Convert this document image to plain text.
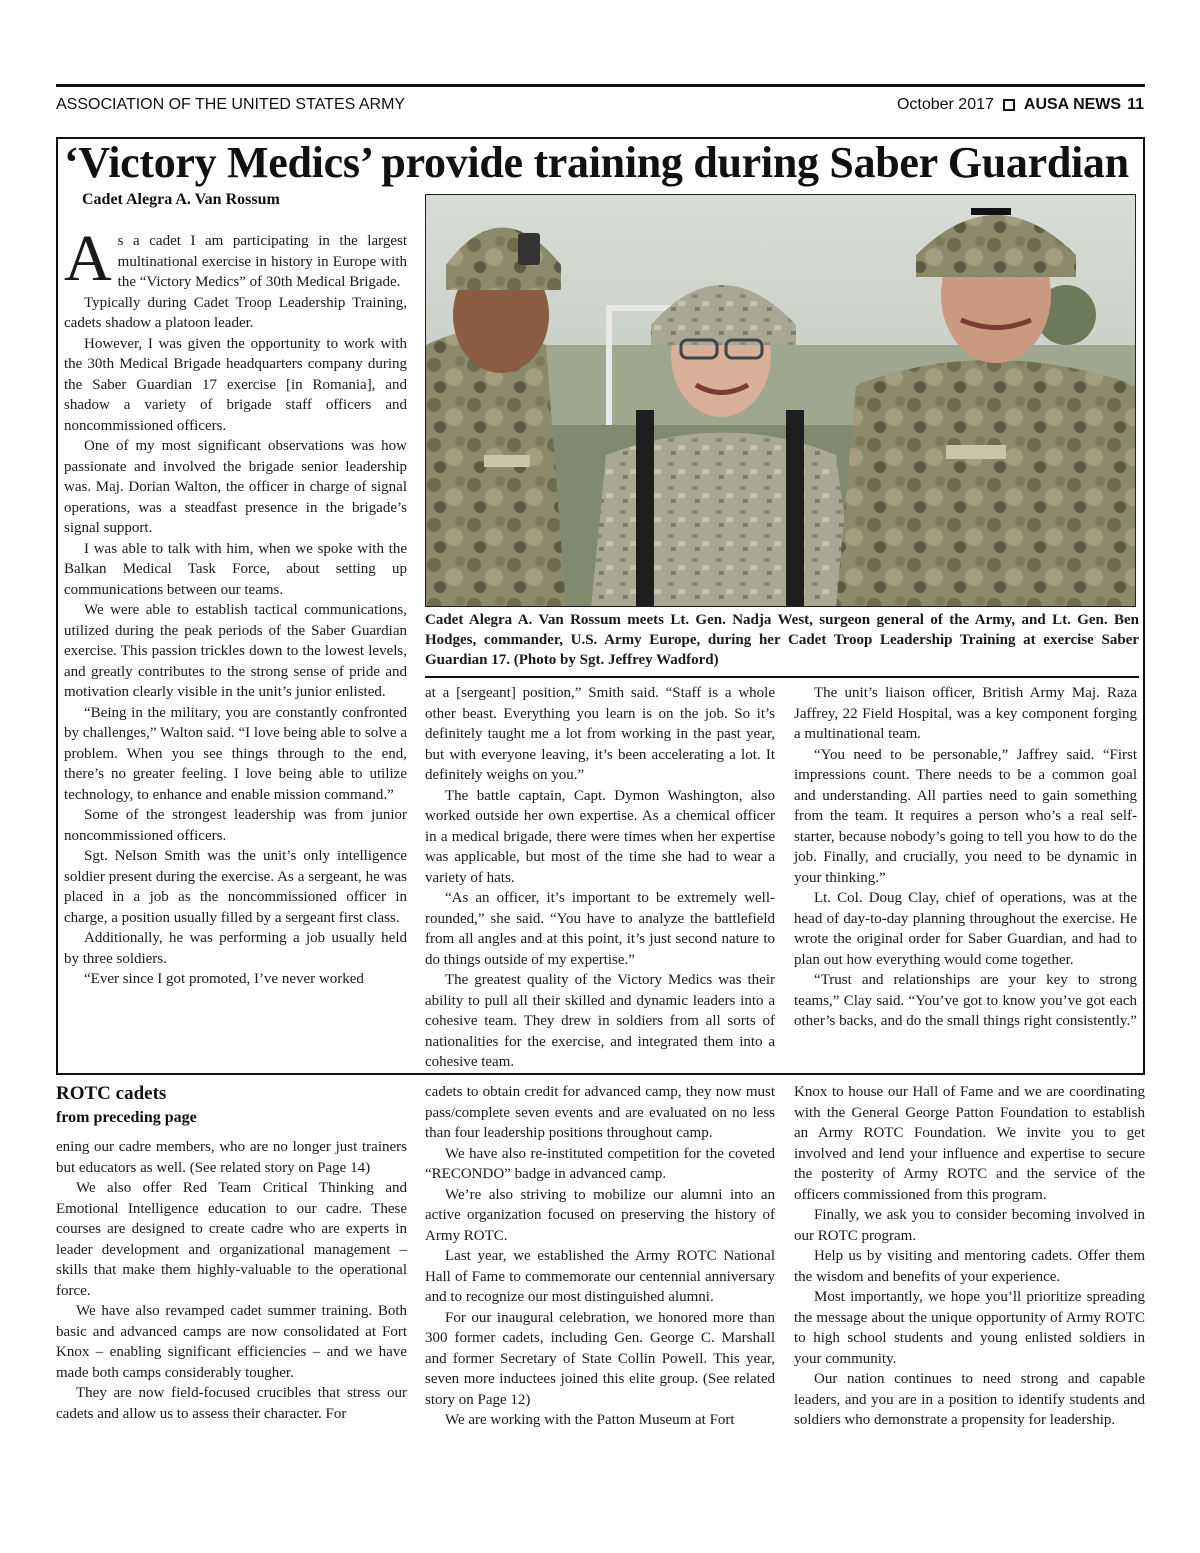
ASSOCIATION OF THE UNITED STATES ARMY	October 2017 AUSA NEWS 11
‘Victory Medics’ provide training during Saber Guardian
Cadet Alegra A. Van Rossum
Cadet Alegra A. Van Rossum meets Lt. Gen. Nadja West, surgeon general of the Army, and Lt. Gen. Ben Hodges, commander, U.S. Army Europe, during her Cadet Troop Leadership Training at exercise Saber Guardian 17. (Photo by Sgt. Jeffrey Wadford)

As a cadet I am participating in the largest multinational exercise in history in Europe with the “Victory Medics” of 30th Medical Brigade.

Typically during Cadet Troop Leadership Training, cadets shadow a platoon leader.

However, I was given the opportunity to work with the 30th Medical Brigade headquarters company during the Saber Guardian 17 exercise [in Romania], and shadow a variety of brigade staff officers and noncommissioned officers.

One of my most significant observations was how passionate and involved the brigade senior leadership was. Maj. Dorian Walton, the officer in charge of signal operations, was a steadfast presence in the brigade’s signal support.

I was able to talk with him, when we spoke with the Balkan Medical Task Force, about setting up communications between our teams.

We were able to establish tactical communications, utilized during the peak periods of the Saber Guardian exercise. This passion trickles down to the lowest levels, and greatly contributes to the strong sense of pride and motivation clearly visible in the unit’s junior enlisted.

“Being in the military, you are constantly confronted by challenges,” Walton said. “I love being able to solve a problem. When you see things through to the end, there’s no greater feeling. I love being able to utilize technology, to enhance and enable mission command.”

Some of the strongest leadership was from junior noncommissioned officers.

Sgt. Nelson Smith was the unit’s only intelligence soldier present during the exercise. As a sergeant, he was placed in a job as the noncommissioned officer in charge, a position usually filled by a sergeant first class.

Additionally, he was performing a job usually held by three soldiers.

“Ever since I got promoted, I’ve never worked

at a [sergeant] position,” Smith said. “Staff is a whole other beast. Everything you learn is on the job. So it’s definitely taught me a lot from working in the past year, but with everyone leaving, it’s been accelerating a lot. It definitely weighs on you.”

The battle captain, Capt. Dymon Washington, also worked outside her own expertise. As a chemical officer in a medical brigade, there were times when her expertise was applicable, but most of the time she had to wear a variety of hats.

“As an officer, it’s important to be extremely well-rounded,” she said. “You have to analyze the battlefield from all angles and at this point, it’s just second nature to do things outside of my expertise.”

The greatest quality of the Victory Medics was their ability to pull all their skilled and dynamic leaders into a cohesive team. They drew in soldiers from all sorts of nationalities for the exercise, and integrated them into a cohesive team.

The unit’s liaison officer, British Army Maj. Raza Jaffrey, 22 Field Hospital, was a key component forging a multinational team.

“You need to be personable,” Jaffrey said. “First impressions count. There needs to be a common goal and understanding. All parties need to gain something from the team. It requires a person who’s a real self-starter, because nobody’s going to tell you how to do the job. Finally, and crucially, you need to be dynamic in your thinking.”

Lt. Col. Doug Clay, chief of operations, was at the head of day-to-day planning throughout the exercise. He wrote the original order for Saber Guardian, and had to plan out how everything would come together.

“Trust and relationships are your key to strong teams,” Clay said. “You’ve got to know you’ve got each other’s backs, and do the small things right consistently.”

ROTC cadets
from preceding page

ening our cadre members, who are no longer just trainers but educators as well. (See related story on Page 14)

We also offer Red Team Critical Thinking and Emotional Intelligence education to our cadre. These courses are designed to create cadre who are experts in leader development and organizational management – skills that make them highly-valuable to the operational force.

We have also revamped cadet summer training. Both basic and advanced camps are now consolidated at Fort Knox – enabling significant efficiencies – and we have made both camps considerably tougher.

They are now field-focused crucibles that stress our cadets and allow us to assess their character. For

cadets to obtain credit for advanced camp, they now must pass/complete seven events and are evaluated on no less than four leadership positions throughout camp.

We have also re-instituted competition for the coveted “RECONDO” badge in advanced camp.

We’re also striving to mobilize our alumni into an active organization focused on preserving the history of Army ROTC.

Last year, we established the Army ROTC National Hall of Fame to commemorate our centennial anniversary and to recognize our most distinguished alumni.

For our inaugural celebration, we honored more than 300 former cadets, including Gen. George C. Marshall and former Secretary of State Collin Powell. This year, seven more inductees joined this elite group. (See related story on Page 12)

We are working with the Patton Museum at Fort

Knox to house our Hall of Fame and we are coordinating with the General George Patton Foundation to establish an Army ROTC Foundation. We invite you to get involved and lend your influence and expertise to secure the posterity of Army ROTC and the service of the officers commissioned from this program.

Finally, we ask you to consider becoming involved in our ROTC program.

Help us by visiting and mentoring cadets. Offer them the wisdom and benefits of your experience.

Most importantly, we hope you’ll prioritize spreading the message about the unique opportunity of Army ROTC to high school students and young enlisted soldiers in your community.

Our nation continues to need strong and capable leaders, and you are in a position to identify students and soldiers who demonstrate a propensity for leadership.
